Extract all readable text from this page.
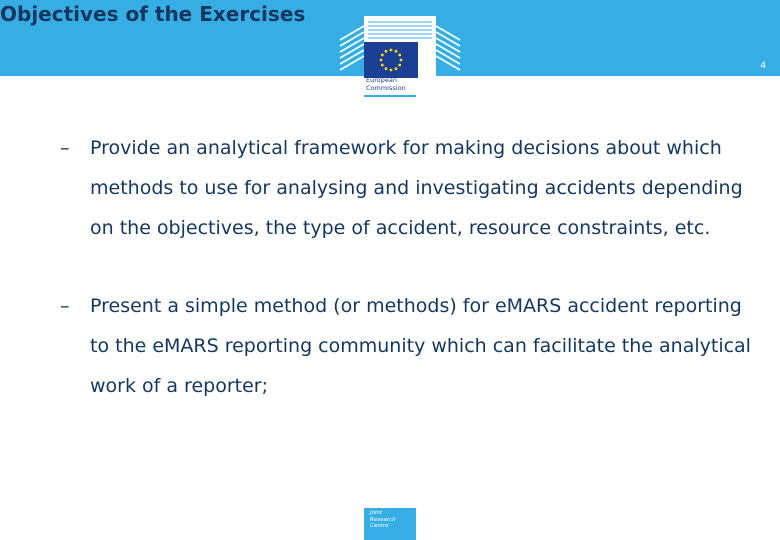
Objectives of the Exercises
4
European
Commission
–	Provide an analytical framework for making decisions about which methods to use for analysing and investigating accidents depending on the objectives, the type of accident, resource constraints, etc.
–	Present a simple method (or methods) for eMARS accident reporting to the eMARS reporting community which can facilitate the analytical work of a reporter;
Joint
Research
Centre
